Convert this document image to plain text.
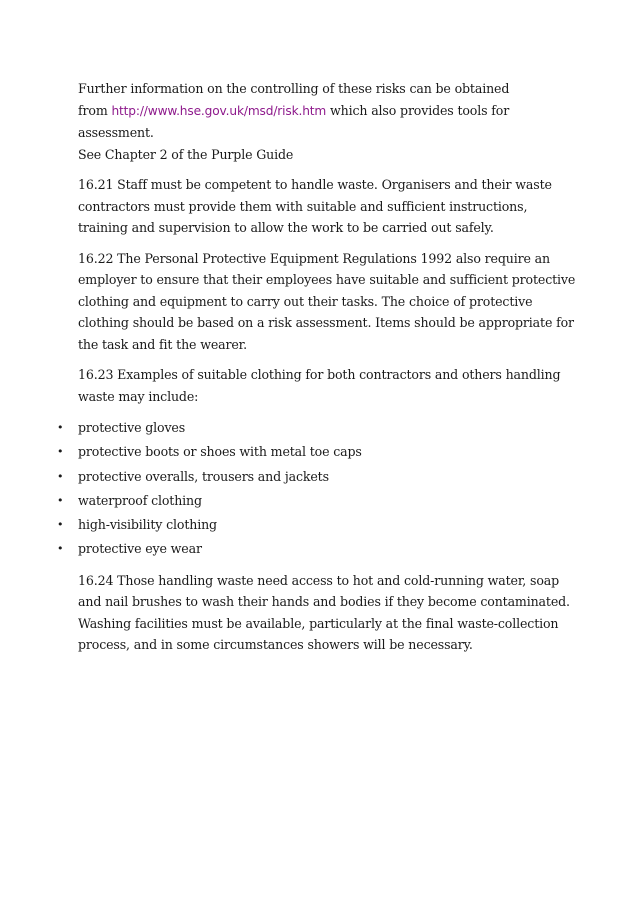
Further information on the controlling of these risks can be obtained
from http://www.hse.gov.uk/msd/risk.htm which also provides tools for assessment.
See Chapter 2 of the Purple Guide

16.21 Staff must be competent to handle waste. Organisers and their waste contractors must provide them with suitable and sufficient instructions, training and supervision to allow the work to be carried out safely.

16.22 The Personal Protective Equipment Regulations 1992 also require an employer to ensure that their employees have suitable and sufficient protective clothing and equipment to carry out their tasks. The choice of protective clothing should be based on a risk assessment. Items should be appropriate for the task and fit the wearer.

16.23 Examples of suitable clothing for both contractors and others handling waste may include:

• protective gloves
• protective boots or shoes with metal toe caps
• protective overalls, trousers and jackets
• waterproof clothing
• high-visibility clothing
• protective eye wear

16.24 Those handling waste need access to hot and cold-running water, soap and nail brushes to wash their hands and bodies if they become contaminated. Washing facilities must be available, particularly at the final waste-collection process, and in some circumstances showers will be necessary.
